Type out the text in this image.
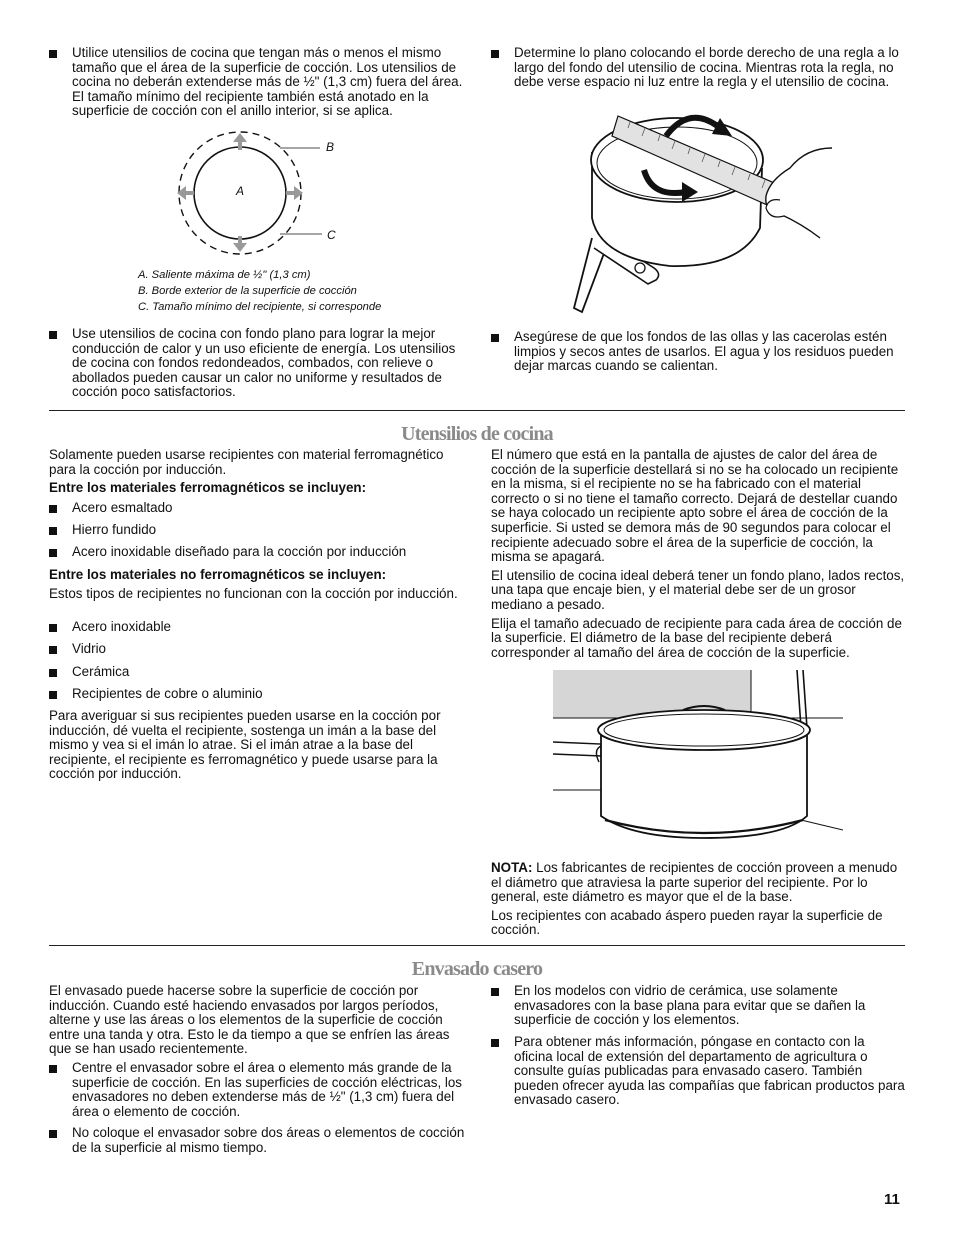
Utilice utensilios de cocina que tengan más o menos el mismo tamaño que el área de la superficie de cocción. Los utensilios de cocina no deberán extenderse más de ½" (1,3 cm) fuera del área. El tamaño mínimo del recipiente también está anotado en la superficie de cocción con el anillo interior, si se aplica.
A
B
C
A. Saliente máxima de ½" (1,3 cm)
B. Borde exterior de la superficie de cocción
C. Tamaño mínimo del recipiente, si corresponde
Use utensilios de cocina con fondo plano para lograr la mejor conducción de calor y un uso eficiente de energía. Los utensilios de cocina con fondos redondeados, combados, con relieve o abollados pueden causar un calor no uniforme y resultados de cocción poco satisfactorios.
Determine lo plano colocando el borde derecho de una regla a lo largo del fondo del utensilio de cocina. Mientras rota la regla, no debe verse espacio ni luz entre la regla y el utensilio de cocina.
Asegúrese de que los fondos de las ollas y las cacerolas estén limpios y secos antes de usarlos. El agua y los residuos pueden dejar marcas cuando se calientan.
Utensilios de cocina

Solamente pueden usarse recipientes con material ferromagnético para la cocción por inducción.

Entre los materiales ferromagnéticos se incluyen:

Acero esmaltado
Hierro fundido
Acero inoxidable diseñado para la cocción por inducción

Entre los materiales no ferromagnéticos se incluyen:

Estos tipos de recipientes no funcionan con la cocción por inducción.

Acero inoxidable
Vidrio
Cerámica
Recipientes de cobre o aluminio
Para averiguar si sus recipientes pueden usarse en la cocción por inducción, dé vuelta el recipiente, sostenga un imán a la base del mismo y vea si el imán lo atrae. Si el imán atrae a la base del recipiente, el recipiente es ferromagnético y puede usarse para la cocción por inducción.

El número que está en la pantalla de ajustes de calor del área de cocción de la superficie destellará si no se ha colocado un recipiente en la misma, si el recipiente no se ha fabricado con el material correcto o si no tiene el tamaño correcto. Dejará de destellar cuando se haya colocado un recipiente apto sobre el área de cocción de la superficie. Si usted se demora más de 90 segundos para colocar el recipiente adecuado sobre el área de la superficie de cocción, la misma se apagará.

El utensilio de cocina ideal deberá tener un fondo plano, lados rectos, una tapa que encaje bien, y el material debe ser de un grosor mediano a pesado.

Elija el tamaño adecuado de recipiente para cada área de cocción de la superficie. El diámetro de la base del recipiente deberá corresponder al tamaño del área de cocción de la superficie.

NOTA: Los fabricantes de recipientes de cocción proveen a menudo el diámetro que atraviesa la parte superior del recipiente. Por lo general, este diámetro es mayor que el de la base.

Los recipientes con acabado áspero pueden rayar la superficie de cocción.

Envasado casero
El envasado puede hacerse sobre la superficie de cocción por inducción. Cuando esté haciendo envasados por largos períodos, alterne y use las áreas o los elementos de la superficie de cocción entre una tanda y otra. Esto le da tiempo a que se enfríen las áreas que se han usado recientemente.
Centre el envasador sobre el área o elemento más grande de la superficie de cocción. En las superficies de cocción eléctricas, los envasadores no deben extenderse más de ½" (1,3 cm) fuera del área o elemento de cocción.
No coloque el envasador sobre dos áreas o elementos de cocción de la superficie al mismo tiempo.
En los modelos con vidrio de cerámica, use solamente envasadores con la base plana para evitar que se dañen la superficie de cocción y los elementos.
Para obtener más información, póngase en contacto con la oficina local de extensión del departamento de agricultura o consulte guías publicadas para envasado casero. También pueden ofrecer ayuda las compañías que fabrican productos para envasado casero.
11
